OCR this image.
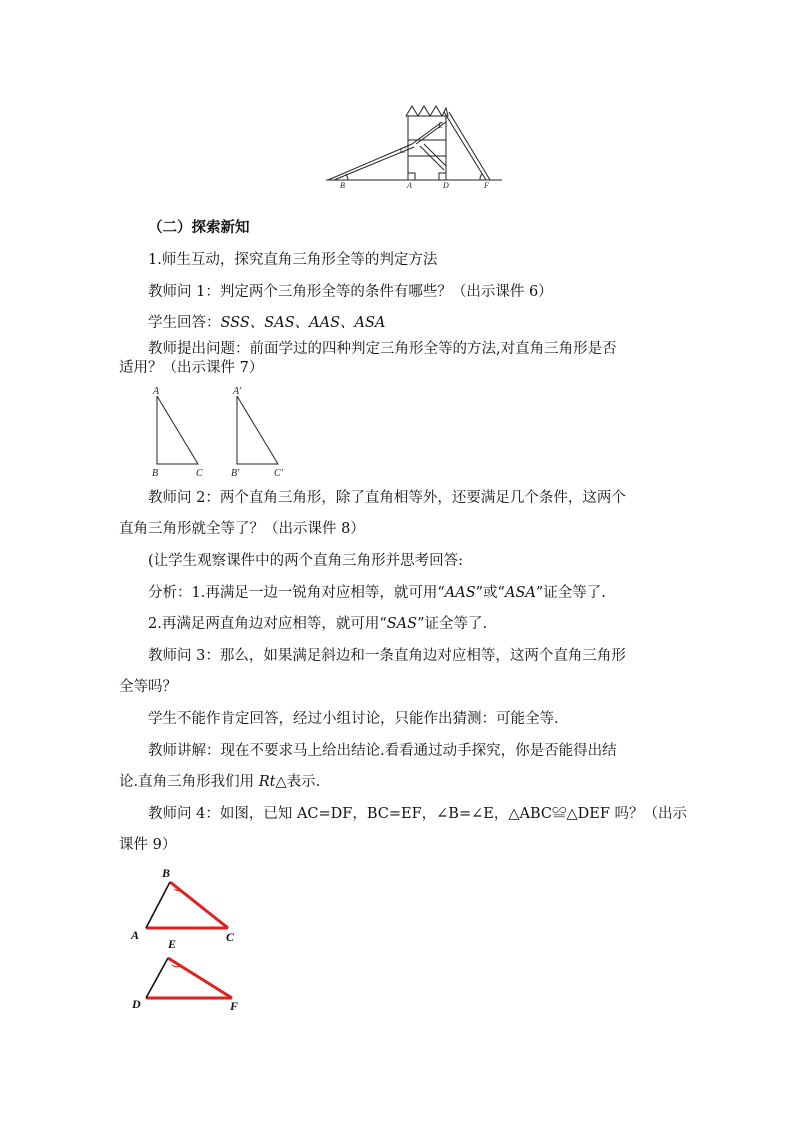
B
C
E
A	D	F
（二）探索新知
1.师生互动，探究直角三角形全等的判定方法
教师问 1：判定两个三角形全等的条件有哪些？（出示课件 6）
学生回答：SSS、SAS、AAS、ASA
教师提出问题：前面学过的四种判定三角形全等的方法,对直角三角形是否
适用？（出示课件 7）
A
B	C
A′
B′	C′
教师问 2：两个直角三角形，除了直角相等外，还要满足几个条件，这两个
直角三角形就全等了？（出示课件 8）
(让学生观察课件中的两个直角三角形并思考回答:
分析：1.再满足一边一锐角对应相等，就可用“AAS”或“ASA”证全等了.
2.再满足两直角边对应相等，就可用“SAS”证全等了.
教师问 3：那么，如果满足斜边和一条直角边对应相等，这两个直角三角形
全等吗？
学生不能作肯定回答，经过小组讨论，只能作出猜测：可能全等.
教师讲解：现在不要求马上给出结论.看看通过动手探究，你是否能得出结
论.直角三角形我们用 Rt△表示.
教师问 4：如图，已知 AC=DF，BC=EF，∠B=∠E，△ABC≌△DEF 吗？（出示
课件 9）
B
A	C
E
D	F
